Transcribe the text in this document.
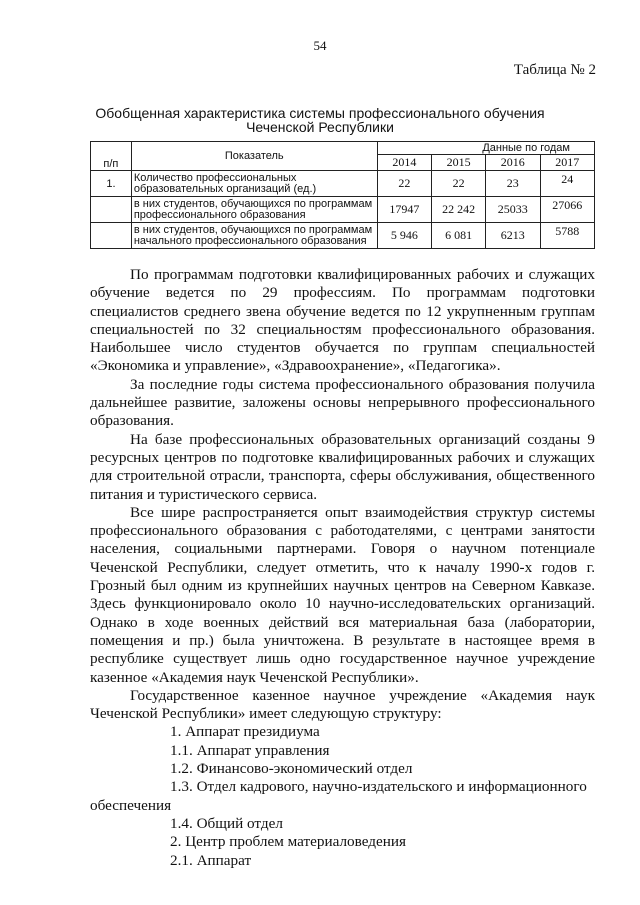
54
Таблица № 2
Обобщенная характеристика системы профессионального обучения Чеченской Республики
п/п	Показатель	Данные по годам			
		2014	2015	2016	2017
1.	Количество профессиональных образовательных организаций (ед.)	22	22	23	24
	в них студентов, обучающихся по программам профессионального образования	17947	22 242	25033	27066
	в них студентов, обучающихся по программам начального профессионального образования	5 946	6 081	6213	5788

По программам подготовки квалифицированных рабочих и служащих обучение ведется по 29 профессиям. По программам подготовки специалистов среднего звена обучение ведется по 12 укрупненным группам специальностей по 32 специальностям профессионального образования. Наибольшее число студентов обучается по группам специальностей «Экономика и управление», «Здравоохранение», «Педагогика».

За последние годы система профессионального образования получила дальнейшее развитие, заложены основы непрерывного профессионального образования.

На базе профессиональных образовательных организаций созданы 9 ресурсных центров по подготовке квалифицированных рабочих и служащих для строительной отрасли, транспорта, сферы обслуживания, общественного питания и туристического сервиса.

Все шире распространяется опыт взаимодействия структур системы профессионального образования с работодателями, с центрами занятости населения, социальными партнерами. Говоря о научном потенциале Чеченской Республики, следует отметить, что к началу 1990-х годов г. Грозный был одним из крупнейших научных центров на Северном Кавказе. Здесь функционировало около 10 научно-исследовательских организаций. Однако в ходе военных действий вся материальная база (лаборатории, помещения и пр.) была уничтожена. В результате в настоящее время в республике существует лишь одно государственное научное учреждение казенное «Академия наук Чеченской Республики».

Государственное казенное научное учреждение «Академия наук Чеченской Республики» имеет следующую структуру:

1. Аппарат президиума

1.1. Аппарат управления

1.2. Финансово-экономический отдел

1.3. Отдел кадрового, научно-издательского и информационного обеспечения

1.4. Общий отдел

2. Центр проблем материаловедения

2.1. Аппарат
